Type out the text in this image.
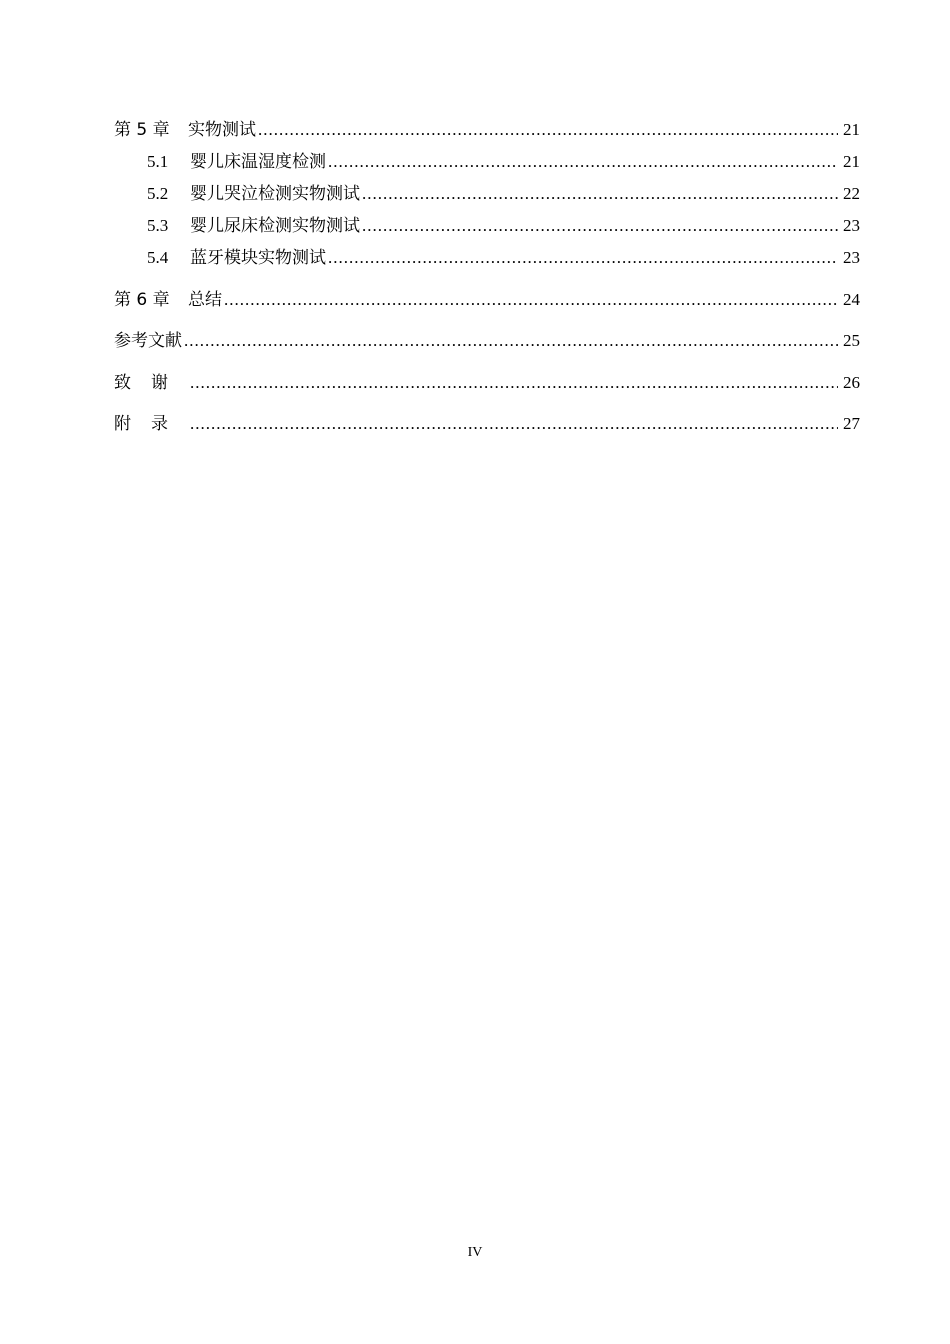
第 5 章	实物测试 .....	21
5.1	婴儿床温湿度检测 .....	21
5.2	婴儿哭泣检测实物测试 .....	22
5.3	婴儿尿床检测实物测试 .....	23
5.4	蓝牙模块实物测试 .....	23
第 6 章	总结 .....	24
参考文献 .....	25
致谢 .....	26
附录 .....	27
IV
